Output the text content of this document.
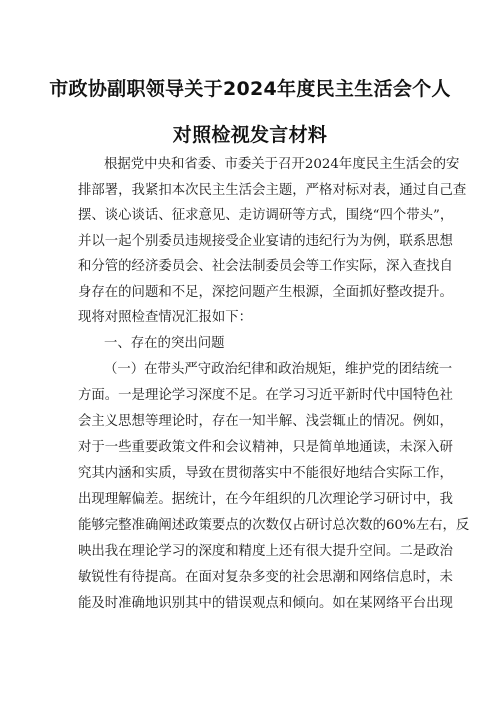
市政协副职领导关于2024年度民主生活会个人
对照检视发言材料
根据党中央和省委、市委关于召开2024年度民主生活会的安
排部署，我紧扣本次民主生活会主题，严格对标对表，通过自己查
摆、谈心谈话、征求意见、走访调研等方式，围绕“四个带头”，
并以一起个别委员违规接受企业宴请的违纪行为为例，联系思想
和分管的经济委员会、社会法制委员会等工作实际，深入查找自
身存在的问题和不足，深挖问题产生根源，全面抓好整改提升。
现将对照检查情况汇报如下：
一、存在的突出问题
（一）在带头严守政治纪律和政治规矩，维护党的团结统一
方面。一是理论学习深度不足。在学习习近平新时代中国特色社
会主义思想等理论时，存在一知半解、浅尝辄止的情况。例如，
对于一些重要政策文件和会议精神，只是简单地通读，未深入研
究其内涵和实质，导致在贯彻落实中不能很好地结合实际工作，
出现理解偏差。据统计，在今年组织的几次理论学习研讨中，我
能够完整准确阐述政策要点的次数仅占研讨总次数的60%左右，反
映出我在理论学习的深度和精度上还有很大提升空间。二是政治
敏锐性有待提高。在面对复杂多变的社会思潮和网络信息时，未
能及时准确地识别其中的错误观点和倾向。如在某网络平台出现
